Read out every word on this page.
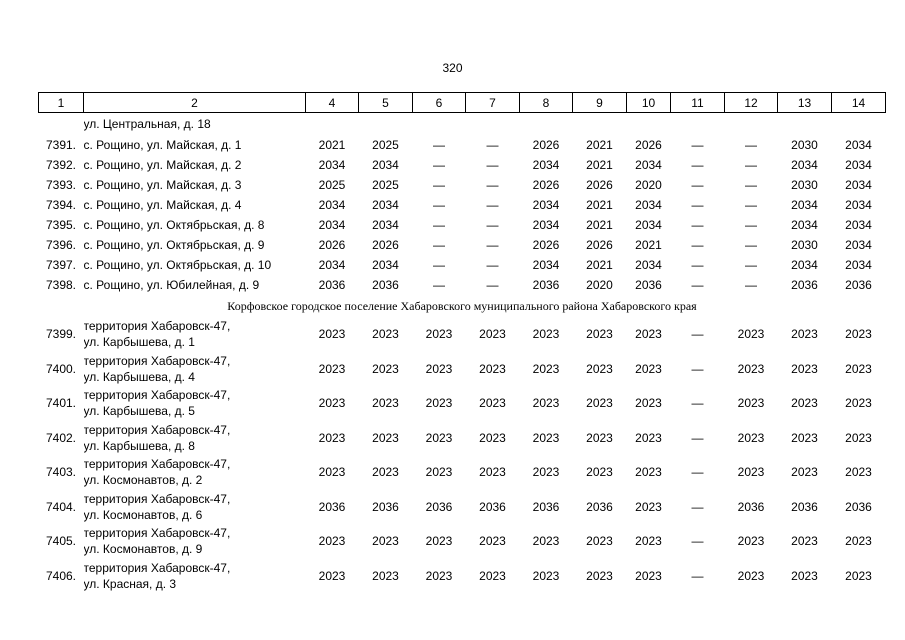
320
1	2	4	5	6	7	8	9	10	11	12	13	14
	ул. Центральная, д. 18											
7391.	с. Рощино, ул. Майская, д. 1	2021	2025	—	—	2026	2021	2026	—	—	2030	2034
7392.	с. Рощино, ул. Майская, д. 2	2034	2034	—	—	2034	2021	2034	—	—	2034	2034
7393.	с. Рощино, ул. Майская, д. 3	2025	2025	—	—	2026	2026	2020	—	—	2030	2034
7394.	с. Рощино, ул. Майская, д. 4	2034	2034	—	—	2034	2021	2034	—	—	2034	2034
7395.	с. Рощино, ул. Октябрьская, д. 8	2034	2034	—	—	2034	2021	2034	—	—	2034	2034
7396.	с. Рощино, ул. Октябрьская, д. 9	2026	2026	—	—	2026	2026	2021	—	—	2030	2034
7397.	с. Рощино, ул. Октябрьская, д. 10	2034	2034	—	—	2034	2021	2034	—	—	2034	2034
7398.	с. Рощино, ул. Юбилейная, д. 9	2036	2036	—	—	2036	2020	2036	—	—	2036	2036
Корфовское городское поселение Хабаровского муниципального района Хабаровского края												
7399.	территория Хабаровск-47,
ул. Карбышева, д. 1	2023	2023	2023	2023	2023	2023	2023	—	2023	2023	2023
7400.	территория Хабаровск-47,
ул. Карбышева, д. 4	2023	2023	2023	2023	2023	2023	2023	—	2023	2023	2023
7401.	территория Хабаровск-47,
ул. Карбышева, д. 5	2023	2023	2023	2023	2023	2023	2023	—	2023	2023	2023
7402.	территория Хабаровск-47,
ул. Карбышева, д. 8	2023	2023	2023	2023	2023	2023	2023	—	2023	2023	2023
7403.	территория Хабаровск-47,
ул. Космонавтов, д. 2	2023	2023	2023	2023	2023	2023	2023	—	2023	2023	2023
7404.	территория Хабаровск-47,
ул. Космонавтов, д. 6	2036	2036	2036	2036	2036	2036	2023	—	2036	2036	2036
7405.	территория Хабаровск-47,
ул. Космонавтов, д. 9	2023	2023	2023	2023	2023	2023	2023	—	2023	2023	2023
7406.	территория Хабаровск-47,
ул. Красная, д. 3	2023	2023	2023	2023	2023	2023	2023	—	2023	2023	2023
